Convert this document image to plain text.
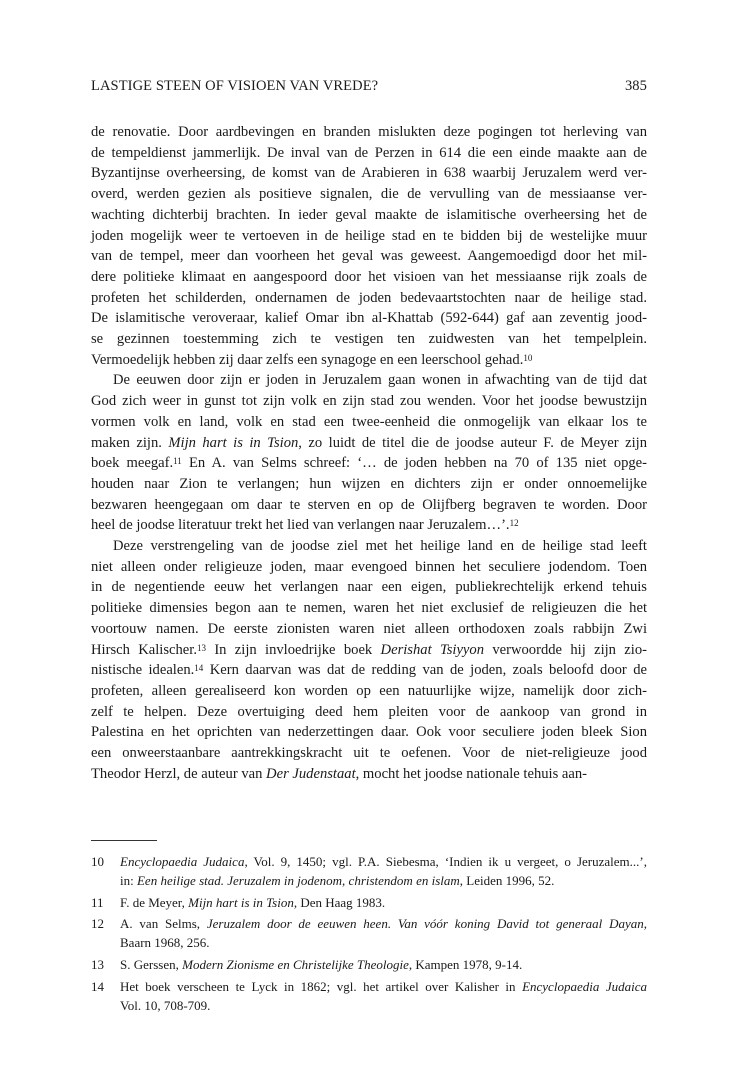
LASTIGE STEEN OF VISIOEN VAN VREDE?	385
de renovatie. Door aardbevingen en branden mislukten deze pogingen tot herleving van
de tempeldienst jammerlijk. De inval van de Perzen in 614 die een einde maakte aan de
Byzantijnse overheersing, de komst van de Arabieren in 638 waarbij Jeruzalem werd ver-
overd, werden gezien als positieve signalen, die de vervulling van de messiaanse ver-
wachting dichterbij brachten. In ieder geval maakte de islamitische overheersing het de
joden mogelijk weer te vertoeven in de heilige stad en te bidden bij de westelijke muur
van de tempel, meer dan voorheen het geval was geweest. Aangemoedigd door het mil-
dere politieke klimaat en aangespoord door het visioen van het messiaanse rijk zoals de
profeten het schilderden, ondernamen de joden bedevaartstochten naar de heilige stad.
De islamitische veroveraar, kalief Omar ibn al-Khattab (592-644) gaf aan zeventig jood-
se gezinnen toestemming zich te vestigen ten zuidwesten van het tempelplein.
Vermoedelijk hebben zij daar zelfs een synagoge en een leerschool gehad.$^{10}$
De eeuwen door zijn er joden in Jeruzalem gaan wonen in afwachting van de tijd dat
God zich weer in gunst tot zijn volk en zijn stad zou wenden. Voor het joodse bewustzijn
vormen volk en land, volk en stad een twee-eenheid die onmogelijk van elkaar los te
maken zijn. Mijn hart is in Tsion, zo luidt de titel die de joodse auteur F. de Meyer zijn
boek meegaf.$^{11}$ En A. van Selms schreef: ‘… de joden hebben na 70 of 135 niet opge-
houden naar Zion te verlangen; hun wijzen en dichters zijn er onder onnoemelijke
bezwaren heengegaan om daar te sterven en op de Olijfberg begraven te worden. Door
heel de joodse literatuur trekt het lied van verlangen naar Jeruzalem…’.$^{12}$
Deze verstrengeling van de joodse ziel met het heilige land en de heilige stad leeft
niet alleen onder religieuze joden, maar evengoed binnen het seculiere jodendom. Toen
in de negentiende eeuw het verlangen naar een eigen, publiekrechtelijk erkend tehuis
politieke dimensies begon aan te nemen, waren het niet exclusief de religieuzen die het
voortouw namen. De eerste zionisten waren niet alleen orthodoxen zoals rabbijn Zwi
Hirsch Kalischer.$^{13}$ In zijn invloedrijke boek Derishat Tsiyyon verwoordde hij zijn zio-
nistische idealen.$^{14}$ Kern daarvan was dat de redding van de joden, zoals beloofd door de
profeten, alleen gerealiseerd kon worden op een natuurlijke wijze, namelijk door zich-
zelf te helpen. Deze overtuiging deed hem pleiten voor de aankoop van grond in
Palestina en het oprichten van nederzettingen daar. Ook voor seculiere joden bleek Sion
een onweerstaanbare aantrekkingskracht uit te oefenen. Voor de niet-religieuze jood
Theodor Herzl, de auteur van Der Judenstaat, mocht het joodse nationale tehuis aan-
10 Encyclopaedia Judaica, Vol. 9, 1450; vgl. P.A. Siebesma, ‘Indien ik u vergeet, o Jeruzalem...’,
in: Een heilige stad. Jeruzalem in jodenom, christendom en islam, Leiden 1996, 52.
11 F. de Meyer, Mijn hart is in Tsion, Den Haag 1983.
12 A. van Selms, Jeruzalem door de eeuwen heen. Van vóór koning David tot generaal Dayan,
Baarn 1968, 256.
13 S. Gerssen, Modern Zionisme en Christelijke Theologie, Kampen 1978, 9-14.
14 Het boek verscheen te Lyck in 1862; vgl. het artikel over Kalisher in Encyclopaedia Judaica
Vol. 10, 708-709.
